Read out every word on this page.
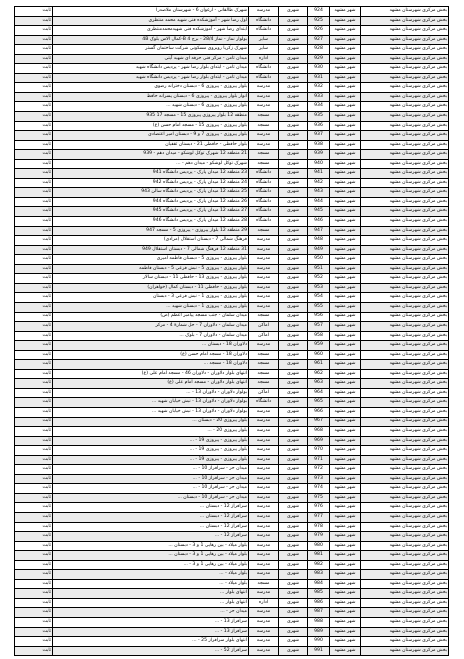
بخش مرکزی شهرستان مشهد	شهر مشهد	924	شهری	مدرسه	شهرک طالقانی - ارغوان 6 - شهرستان ملاصدرا	ثابت
بخش مرکزی شهرستان مشهد	شهر مشهد	925	شهری	دانشگاه	اول رضا شهر - آموزشکده فنی شهید محمد منتظری	ثابت
بخش مرکزی شهرستان مشهد	شهر مشهد	926	شهری	دانشگاه	ابتدای رضا شهر - آموزشکده فنی شهیدمحمدمنتظری	ثابت
بخش مرکزی شهرستان مشهد	شهر مشهد	927	شهری	سایر	بولوار نماز - نماز 28/4 - برج 4 B-کمال الاس بلوک 4B	ثابت
بخش مرکزی شهرستان مشهد	شهر مشهد	928	شهری	سایر	شهرک زکریا روبروی مسکونی شرکت ساختمان گستر	ثابت
بخش مرکزی شهرستان مشهد	شهر مشهد	929	شهری	اداره	میدان ثامن - مرکز فنی حرفه ای شهید آیتی	ثابت
بخش مرکزی شهرستان مشهد	شهر مشهد	930	شهری	دانشگاه	میدان ثامن - ابتدای بلوار رضا شهر - پردیس دانشگاه شهید	ثابت
بخش مرکزی شهرستان مشهد	شهر مشهد	931	شهری	دانشگاه	میدان ثامن - ابتدای بلوار رضا شهر - پردیس دانشگاه شهید	ثابت
بخش مرکزی شهرستان مشهد	شهر مشهد	932	شهری	مدرسه	بلوار پیروزی - پیروزی 6 - دبستان دخترانه رضوی	ثابت
بخش مرکزی شهرستان مشهد	شهر مشهد	933	شهری	مدرسه	انوار بلوار پیروزی - پیروزی 6 - دبستان پسرانه حافظ	ثابت
بخش مرکزی شهرستان مشهد	شهر مشهد	934	شهری	مدرسه	بلوار پیروزی - پیروزی 6 - دبستان شهید ...	ثابت
بخش مرکزی شهرستان مشهد	شهر مشهد	935	شهری	مسجد	منطقه 12 بلوار پیروزی پیروزی 15 - مسجد 17 935	ثابت
بخش مرکزی شهرستان مشهد	شهر مشهد	936	شهری	مسجد	بلوار پیروزی - پیروزی 15 - مسجد امام حسن (ع)	ثابت
بخش مرکزی شهرستان مشهد	شهر مشهد	937	شهری	مدرسه	بلوار پیروزی - پیروزی 7 و 9 - دبستان امیر اعتضادی	ثابت
بخش مرکزی شهرستان مشهد	شهر مشهد	938	شهری	مدرسه	بلوار حافظی - حافظی 21 - دبستان ثقفیان	ثابت
بخش مرکزی شهرستان مشهد	شهر مشهد	939	شهری	مسجد	21 منطقه 12 شهرک توکل لوشکو - میدان دهم - 939	ثابت
بخش مرکزی شهرستان مشهد	شهر مشهد	940	شهری	مسجد	شهرک توکل لوشکو - میدان دهم - ...	ثابت
بخش مرکزی شهرستان مشهد	شهر مشهد	941	شهری	دانشگاه	23 منطقه 12 میدان پارک - پردیس دانشگاه 941	ثابت
بخش مرکزی شهرستان مشهد	شهر مشهد	942	شهری	دانشگاه	24 منطقه 12 میدان پارک - پردیس دانشگاه 942	ثابت
بخش مرکزی شهرستان مشهد	شهر مشهد	943	شهری	دانشگاه	25 منطقه 12 میدان پارک - پردیس دانشگاه سالن 943	ثابت
بخش مرکزی شهرستان مشهد	شهر مشهد	944	شهری	دانشگاه	26 منطقه 12 میدان پارک - پردیس دانشگاه 944	ثابت
بخش مرکزی شهرستان مشهد	شهر مشهد	945	شهری	دانشگاه	27 منطقه 12 میدان پارک - پردیس دانشگاه 945	ثابت
بخش مرکزی شهرستان مشهد	شهر مشهد	946	شهری	دانشگاه	28 منطقه 12 میدان پارک - پردیس دانشگاه 946	ثابت
بخش مرکزی شهرستان مشهد	شهر مشهد	947	شهری	مسجد	29 منطقه 12 بلوار پیروزی - پیروزی 5 - مسجد 947	ثابت
بخش مرکزی شهرستان مشهد	شهر مشهد	948	شهری	مدرسه	فرهنگ شمالی 7 - دبستان استقلال (مرادی)	ثابت
بخش مرکزی شهرستان مشهد	شهر مشهد	949	شهری	مدرسه	31 منطقه 12 فرهنگ شمالی 7 - دبستان استقلال 949	ثابت
بخش مرکزی شهرستان مشهد	شهر مشهد	950	شهری	مدرسه	بلوار پیروزی - پیروزی 5 - دبستان فاطمه امیری	ثابت
بخش مرکزی شهرستان مشهد	شهر مشهد	951	شهری	مدرسه	بلوار پیروزی - پیروزی 5 - نبش فرعی 5 - دبستان فاطمه	ثابت
بخش مرکزی شهرستان مشهد	شهر مشهد	952	شهری	مدرسه	بلوار پیروزی - پیروزی 13 - حافظی 11 - دبستان سالار	ثابت
بخش مرکزی شهرستان مشهد	شهر مشهد	953	شهری	مدرسه	بلوار پیروزی - حافظی 11 - دبستان کمال (خواهران)	ثابت
بخش مرکزی شهرستان مشهد	شهر مشهد	954	شهری	مدرسه	بلوار پیروزی - پیروزی 1 - نبش فرعی 3 - دبستان	ثابت
بخش مرکزی شهرستان مشهد	شهر مشهد	955	شهری	مدرسه	بلوار پیروزی - پیروزی 1 - دبستان شهید ...	ثابت
بخش مرکزی شهرستان مشهد	شهر مشهد	956	شهری	مسجد	میدان سلمان - جنب مسجد پیامبر اعظم (ص)	ثابت
بخش مرکزی شهرستان مشهد	شهر مشهد	957	شهری	اماکن	میدان سلمان - دلاوران 7 - حل شمارهٔ 4 - مرکز	ثابت
بخش مرکزی شهرستان مشهد	شهر مشهد	958	شهری	اماکن	میدان سلمان - دلاوران 7 - بلوک ...	ثابت
بخش مرکزی شهرستان مشهد	شهر مشهد	959	شهری	مدرسه	دلاوران 18 - دبستان ...	ثابت
بخش مرکزی شهرستان مشهد	شهر مشهد	960	شهری	مسجد	دلاوران 18 - مسجد امام حسن (ع)	ثابت
بخش مرکزی شهرستان مشهد	شهر مشهد	961	شهری	مسجد	دلاوران 18 - مسجد ...	ثابت
بخش مرکزی شهرستان مشهد	شهر مشهد	962	شهری	مسجد	انتهای بلوار دلاوران - دلاوران 46 - مسجد امام علی (ع)	ثابت
بخش مرکزی شهرستان مشهد	شهر مشهد	963	شهری	مسجد	انتهای بلوار دلاوران - مسجد امام علی (ع)	ثابت
بخش مرکزی شهرستان مشهد	شهر مشهد	964	شهری	اماکن	بولوار دلاوران - دلاوران 13 - ...	ثابت
بخش مرکزی شهرستان مشهد	شهر مشهد	965	شهری	دانشگاه	بولوار دلاوران - دلاوران 13 - نبش خیابان شهید ...	ثابت
بخش مرکزی شهرستان مشهد	شهر مشهد	966	شهری	مدرسه	بولوار دلاوران - دلاوران 13 - نبش خیابان شهید ...	ثابت
بخش مرکزی شهرستان مشهد	شهر مشهد	967	شهری	مدرسه	بلوار پیروزی 20 - دبستان ...	ثابت
بخش مرکزی شهرستان مشهد	شهر مشهد	968	شهری	مدرسه	بلوار پیروزی 20 - ...	ثابت
بخش مرکزی شهرستان مشهد	شهر مشهد	969	شهری	مدرسه	بلوار پیروزی - پیروزی 19 - ...	ثابت
بخش مرکزی شهرستان مشهد	شهر مشهد	970	شهری	مدرسه	بلوار پیروزی - پیروزی 19 - ...	ثابت
بخش مرکزی شهرستان مشهد	شهر مشهد	971	شهری	مدرسه	بلوار پیروزی - پیروزی 19 - ...	ثابت
بخش مرکزی شهرستان مشهد	شهر مشهد	972	شهری	مدرسه	میدان حر - سرافراز 10 - ...	ثابت
بخش مرکزی شهرستان مشهد	شهر مشهد	973	شهری	مدرسه	میدان حر - سرافراز 10 - ...	ثابت
بخش مرکزی شهرستان مشهد	شهر مشهد	974	شهری	مدرسه	میدان حر - سرافراز 10 - ...	ثابت
بخش مرکزی شهرستان مشهد	شهر مشهد	975	شهری	مدرسه	میدان حر - سرافراز 10 - دبستان ...	ثابت
بخش مرکزی شهرستان مشهد	شهر مشهد	976	شهری	مدرسه	سرافراز 12 - دبستان ...	ثابت
بخش مرکزی شهرستان مشهد	شهر مشهد	977	شهری	مدرسه	سرافراز 12 - دبستان ...	ثابت
بخش مرکزی شهرستان مشهد	شهر مشهد	978	شهری	مدرسه	سرافراز 12 - دبستان ...	ثابت
بخش مرکزی شهرستان مشهد	شهر مشهد	979	شهری	مدرسه	سرافراز 12 - ...	ثابت
بخش مرکزی شهرستان مشهد	شهر مشهد	980	شهری	مدرسه	بلوار میلاد - بین رهایی 1 و 3 - دبستان ...	ثابت
بخش مرکزی شهرستان مشهد	شهر مشهد	981	شهری	مدرسه	بلوار میلاد - بین رهایی 1 و 3 - دبستان ...	ثابت
بخش مرکزی شهرستان مشهد	شهر مشهد	982	شهری	مدرسه	بلوار میلاد - بین رهایی 1 و 3 - ...	ثابت
بخش مرکزی شهرستان مشهد	شهر مشهد	983	شهری	مدرسه	بلوار میلاد - ...	ثابت
بخش مرکزی شهرستان مشهد	شهر مشهد	984	شهری	مسجد	بلوار میلاد - ...	ثابت
بخش مرکزی شهرستان مشهد	شهر مشهد	985	شهری	مدرسه	انتهای بلوار ...	ثابت
بخش مرکزی شهرستان مشهد	شهر مشهد	986	شهری	اداره	انتهای بلوار ...	ثابت
بخش مرکزی شهرستان مشهد	شهر مشهد	987	شهری	مدرسه	میدان حر - ...	ثابت
بخش مرکزی شهرستان مشهد	شهر مشهد	988	شهری	مدرسه	سرافراز 13 - ...	ثابت
بخش مرکزی شهرستان مشهد	شهر مشهد	989	شهری	مدرسه	سرافراز 13 - ...	ثابت
بخش مرکزی شهرستان مشهد	شهر مشهد	990	شهری	مدرسه	انتهای بلوار سرافراز 25 - ...	ثابت
بخش مرکزی شهرستان مشهد	شهر مشهد	991	شهری	مدرسه	سرافراز 52 - ...	ثابت
